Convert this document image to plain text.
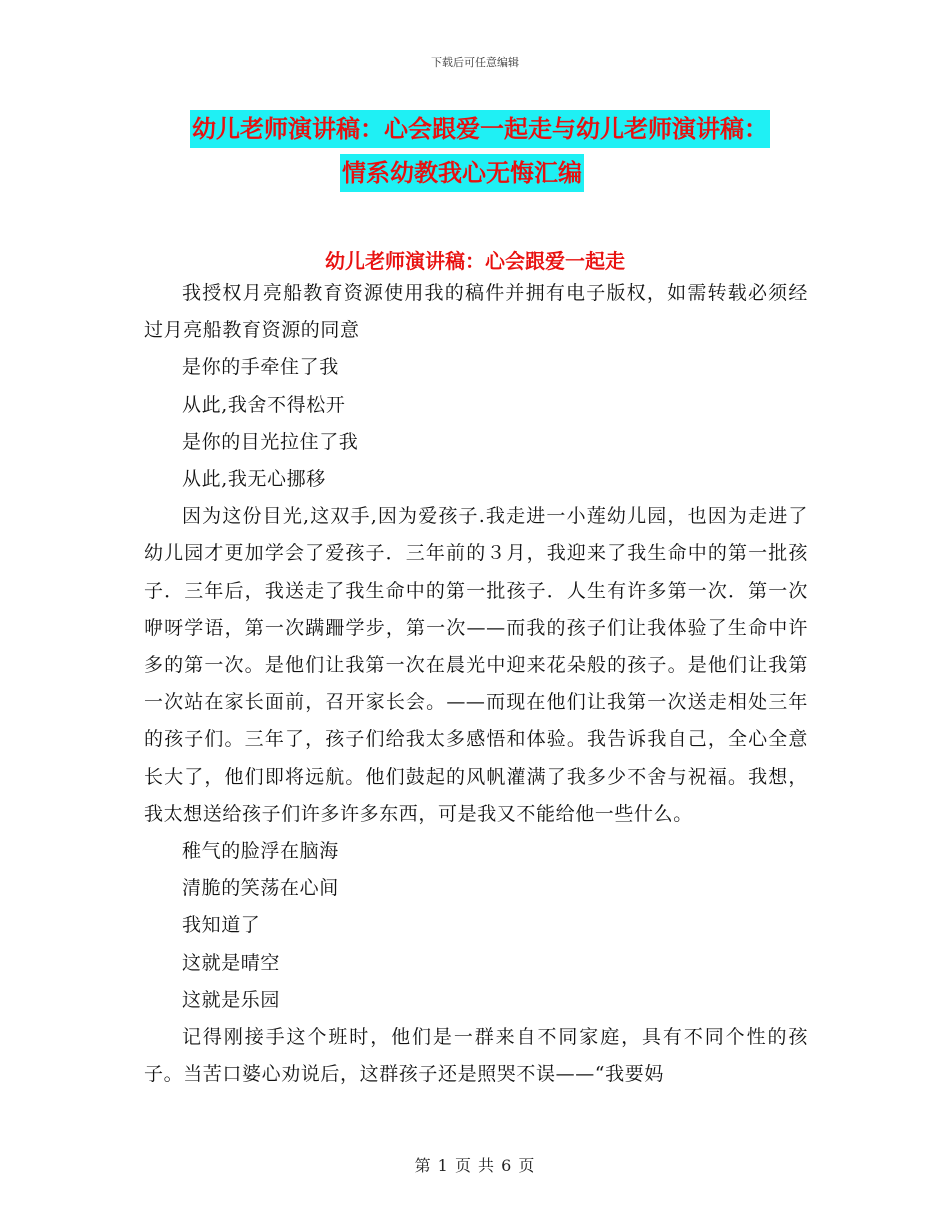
下载后可任意编辑
幼儿老师演讲稿：心会跟爱一起走与幼儿老师演讲稿：
情系幼教我心无悔汇编
幼儿老师演讲稿：心会跟爱一起走

我授权月亮船教育资源使用我的稿件并拥有电子版权，如需转载必须经过月亮船教育资源的同意

是你的手牵住了我

从此,我舍不得松开

是你的目光拉住了我

从此,我无心挪移

因为这份目光,这双手,因为爱孩子.我走进一小莲幼儿园，也因为走进了幼儿园才更加学会了爱孩子．三年前的３月，我迎来了我生命中的第一批孩子．三年后，我送走了我生命中的第一批孩子．人生有许多第一次．第一次咿呀学语，第一次蹒跚学步，第一次——而我的孩子们让我体验了生命中许多的第一次。是他们让我第一次在晨光中迎来花朵般的孩子。是他们让我第一次站在家长面前，召开家长会。——而现在他们让我第一次送走相处三年的孩子们。三年了，孩子们给我太多感悟和体验。我告诉我自己，全心全意长大了，他们即将远航。他们鼓起的风帆灌满了我多少不舍与祝福。我想，我太想送给孩子们许多许多东西，可是我又不能给他一些什么。

稚气的脸浮在脑海

清脆的笑荡在心间

我知道了

这就是晴空

这就是乐园

记得刚接手这个班时，他们是一群来自不同家庭，具有不同个性的孩子。当苦口婆心劝说后，这群孩子还是照哭不误——“我要妈

第 1 页 共 6 页
